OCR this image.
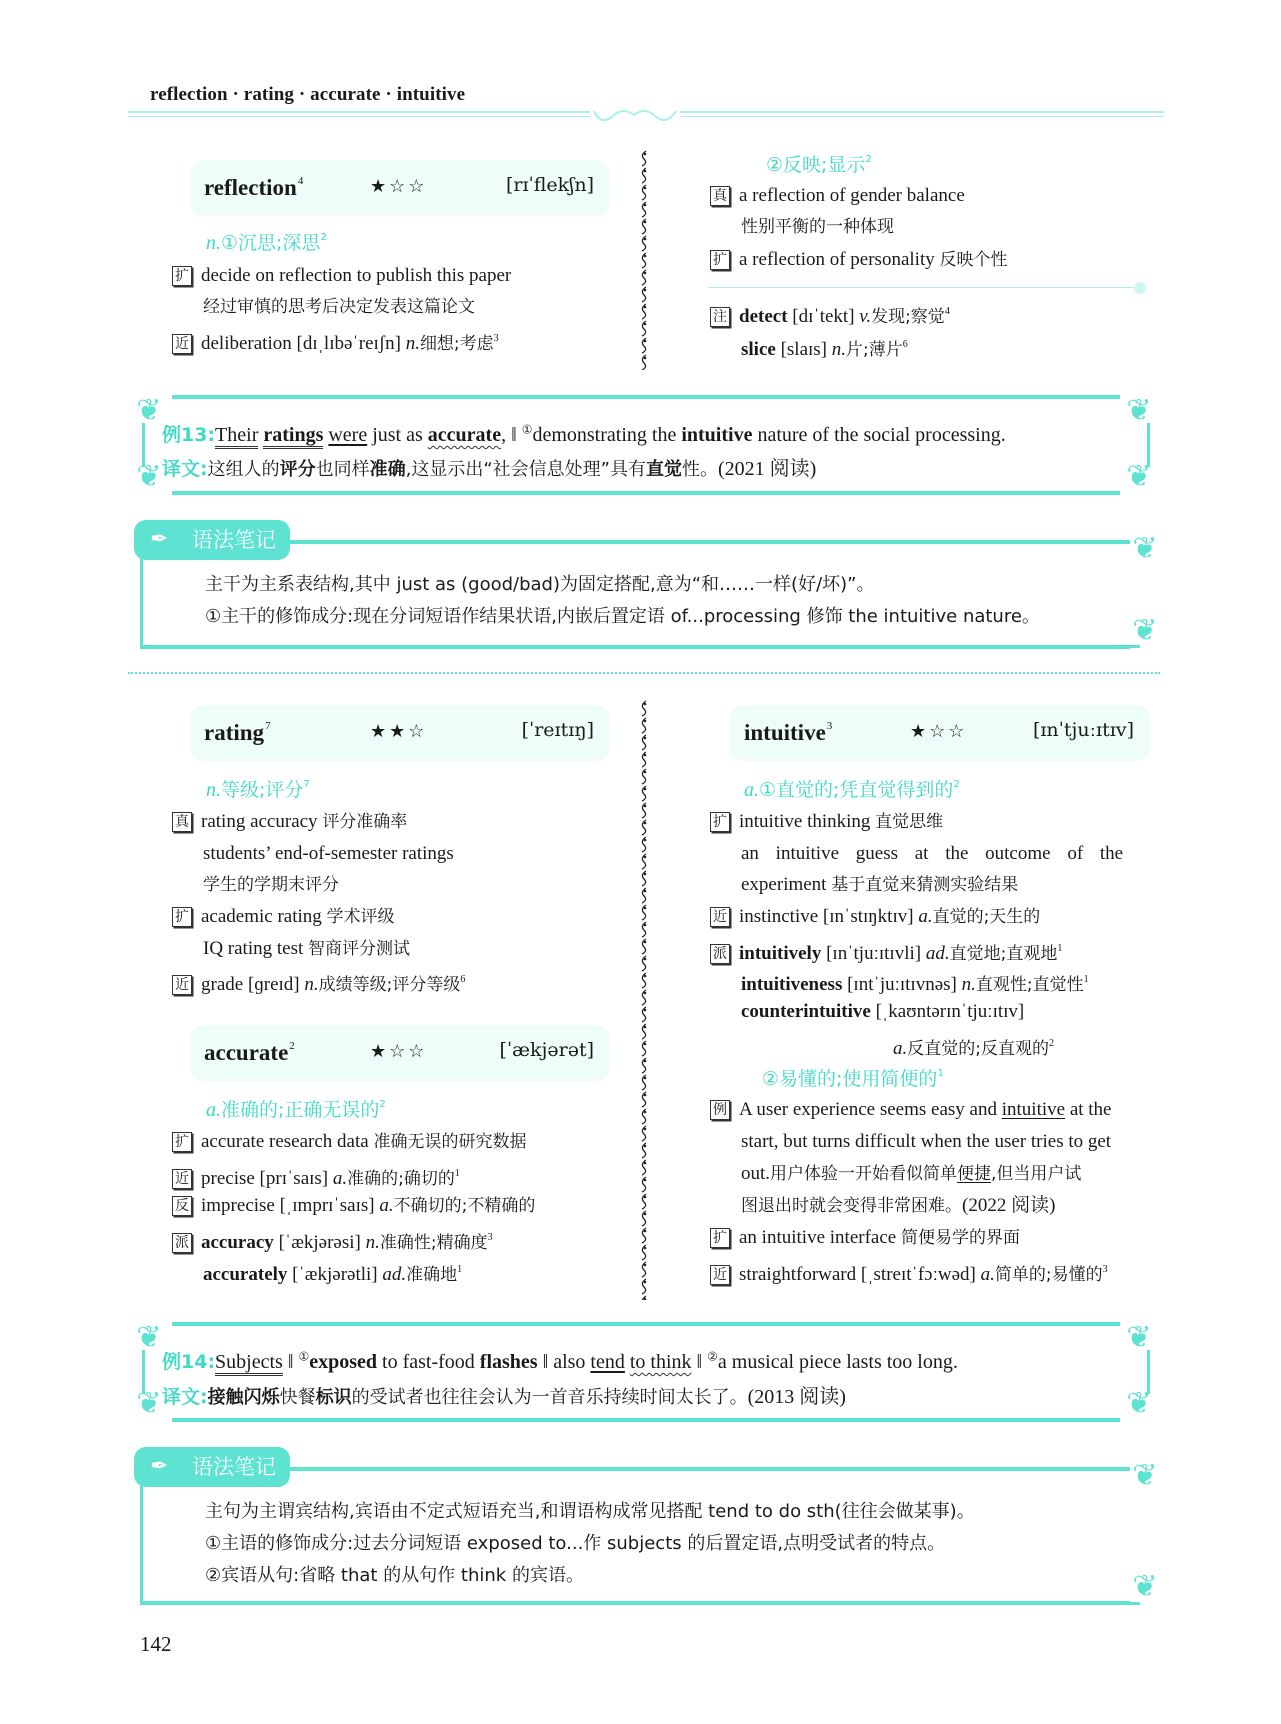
reflection · rating · accurate · intuitive
reflection$^4$	★☆☆	[rɪˈflekʃn]
n.①沉思;深思$^2$
扩 decide on reflection to publish this paper
经过审慎的思考后决定发表这篇论文
近 deliberation [dɪˌlɪbəˈreɪʃn] n.细想;考虑$^3$
②反映;显示$^2$
真 a reflection of gender balance
性别平衡的一种体现
扩 a reflection of personality 反映个性
注 detect [dɪˈtekt] v.发现;察觉$^4$
slice [slaɪs] n.片;薄片$^6$
❦
❦
❦
❦
例13:Their ratings were just as accurate, ‖ ①demonstrating the intuitive nature of the social processing.
译文:这组人的评分也同样准确,这显示出“社会信息处理”具有直觉性。(2021 阅读)
❦
❦
✒ 语法笔记
主干为主系表结构,其中 just as (good/bad)为固定搭配,意为“和……一样(好/坏)”。
①主干的修饰成分:现在分词短语作结果状语,内嵌后置定语 of...processing 修饰 the intuitive nature。
rating$^7$	★★☆	[ˈreɪtɪŋ]
n.等级;评分$^7$
真 rating accuracy 评分准确率
students’ end-of-semester ratings
学生的学期末评分
扩 academic rating 学术评级
IQ rating test 智商评分测试
近 grade [ɡreɪd] n.成绩等级;评分等级$^6$
accurate$^2$	★☆☆	[ˈækjərət]
a.准确的;正确无误的$^2$
扩 accurate research data 准确无误的研究数据
近 precise [prɪˈsaɪs] a.准确的;确切的$^1$
反 imprecise [ˌɪmprɪˈsaɪs] a.不确切的;不精确的
派 accuracy [ˈækjərəsi] n.准确性;精确度$^3$
accurately [ˈækjərətli] ad.准确地$^1$
intuitive$^3$	★☆☆	[ɪnˈtjuːɪtɪv]
a.①直觉的;凭直觉得到的$^2$
扩 intuitive thinking 直觉思维
an intuitive guess at the outcome of the
experiment 基于直觉来猜测实验结果
近 instinctive [ɪnˈstɪŋktɪv] a.直觉的;天生的
派 intuitively [ɪnˈtjuːɪtɪvli] ad.直觉地;直观地$^1$
intuitiveness [ɪntˈjuːɪtɪvnəs] n.直观性;直觉性$^1$
counterintuitive [ˌkaʊntərɪnˈtjuːɪtɪv]
a.反直觉的;反直观的$^2$
②易懂的;使用简便的$^1$
例 A user experience seems easy and intuitive at the
start, but turns difficult when the user tries to get
out.用户体验一开始看似简单便捷,但当用户试
图退出时就会变得非常困难。(2022 阅读)
扩 an intuitive interface 简便易学的界面
近 straightforward [ˌstreɪtˈfɔːwəd] a.简单的;易懂的$^3$
❦
❦
❦
❦
例14:Subjects ‖ ①exposed to fast-food flashes ‖ also tend to think ‖ ②a musical piece lasts too long.
译文:接触闪烁快餐标识的受试者也往往会认为一首音乐持续时间太长了。(2013 阅读)
❦
❦
✒ 语法笔记
主句为主谓宾结构,宾语由不定式短语充当,和谓语构成常见搭配 tend to do sth(往往会做某事)。
①主语的修饰成分:过去分词短语 exposed to...作 subjects 的后置定语,点明受试者的特点。
②宾语从句:省略 that 的从句作 think 的宾语。
142
